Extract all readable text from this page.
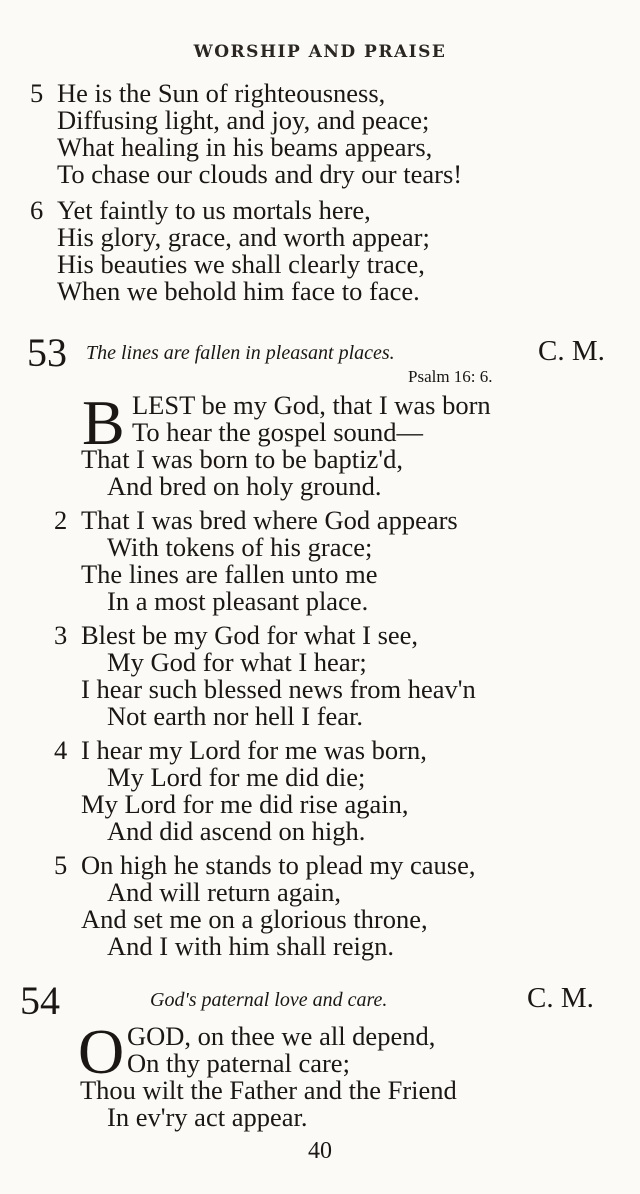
WORSHIP AND PRAISE
5 He is the Sun of righteousness,
Diffusing light, and joy, and peace;
What healing in his beams appears,
To chase our clouds and dry our tears!
6 Yet faintly to us mortals here,
His glory, grace, and worth appear;
His beauties we shall clearly trace,
When we behold him face to face.
53 The lines are fallen in pleasant places.	C. M.
Psalm 16: 6.
B LEST be my God, that I was born
To hear the gospel sound—
That I was born to be baptiz'd,
And bred on holy ground.
2 That I was bred where God appears
With tokens of his grace;
The lines are fallen unto me
In a most pleasant place.
3 Blest be my God for what I see,
My God for what I hear;
I hear such blessed news from heav'n
Not earth nor hell I fear.
4 I hear my Lord for me was born,
My Lord for me did die;
My Lord for me did rise again,
And did ascend on high.
5 On high he stands to plead my cause,
And will return again,
And set me on a glorious throne,
And I with him shall reign.
54	God's paternal love and care.	C. M.
O GOD, on thee we all depend,
On thy paternal care;
Thou wilt the Father and the Friend
In ev'ry act appear.
40
